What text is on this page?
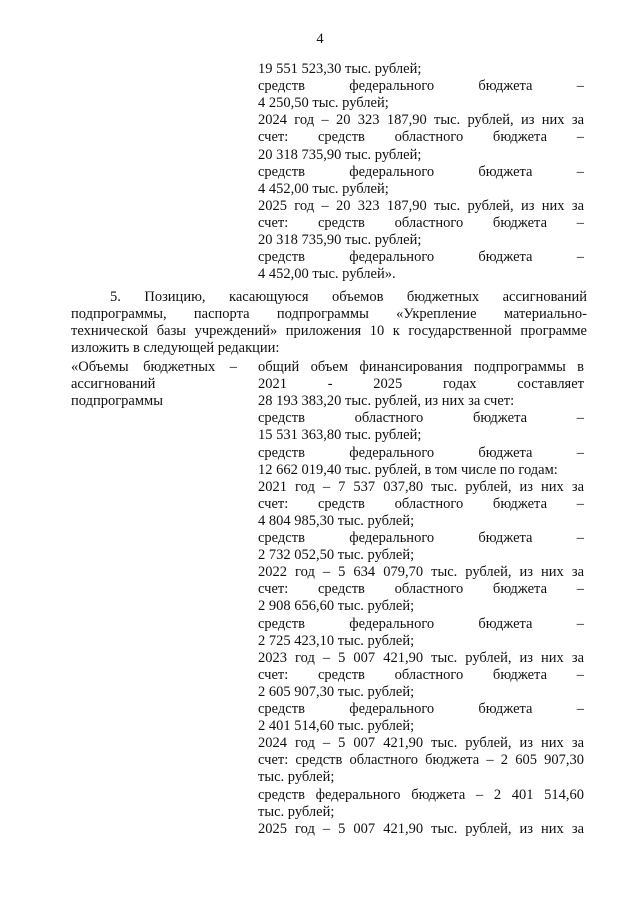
4
19 551 523,30 тыс. рублей;
средств федерального бюджета –
4 250,50 тыс. рублей;
2024 год – 20 323 187,90 тыс. рублей, из них за
счет: средств областного бюджета –
20 318 735,90 тыс. рублей;
средств федерального бюджета –
4 452,00 тыс. рублей;
2025 год – 20 323 187,90 тыс. рублей, из них за
счет: средств областного бюджета –
20 318 735,90 тыс. рублей;
средств федерального бюджета –
4 452,00 тыс. рублей».
5. Позицию, касающуюся объемов бюджетных ассигнований
подпрограммы, паспорта подпрограммы «Укрепление материально-
технической базы учреждений» приложения 10 к государственной программе
изложить в следующей редакции:
«Объемы бюджетных –
ассигнований
подпрограммы
общий объем финансирования подпрограммы в
2021 - 2025 годах составляет
28 193 383,20 тыс. рублей, из них за счет:
средств областного бюджета –
15 531 363,80 тыс. рублей;
средств федерального бюджета –
12 662 019,40 тыс. рублей, в том числе по годам:
2021 год – 7 537 037,80 тыс. рублей, из них за
счет: средств областного бюджета –
4 804 985,30 тыс. рублей;
средств федерального бюджета –
2 732 052,50 тыс. рублей;
2022 год – 5 634 079,70 тыс. рублей, из них за
счет: средств областного бюджета –
2 908 656,60 тыс. рублей;
средств федерального бюджета –
2 725 423,10 тыс. рублей;
2023 год – 5 007 421,90 тыс. рублей, из них за
счет: средств областного бюджета –
2 605 907,30 тыс. рублей;
средств федерального бюджета –
2 401 514,60 тыс. рублей;
2024 год – 5 007 421,90 тыс. рублей, из них за
счет: средств областного бюджета – 2 605 907,30
тыс. рублей;
средств федерального бюджета – 2 401 514,60
тыс. рублей;
2025 год – 5 007 421,90 тыс. рублей, из них за
